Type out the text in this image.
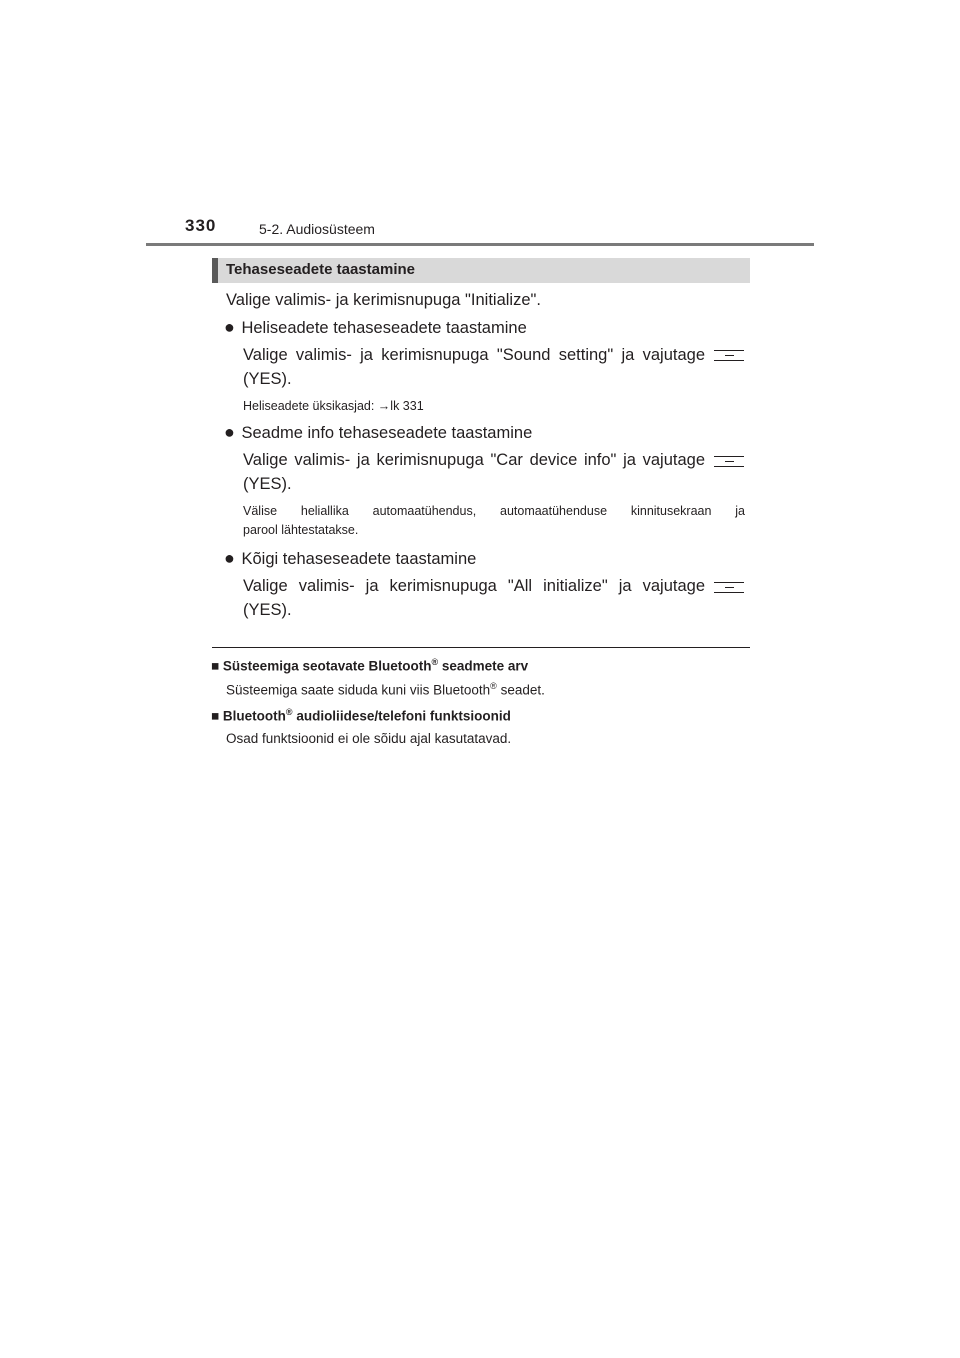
330	5-2. Audiosüsteem
Tehaseseadete taastamine
Valige valimis- ja kerimisnupuga "Initialize".
● Heliseadete tehaseseadete taastamine
Valige valimis- ja kerimisnupuga "Sound setting" ja vajutage
(YES).
Heliseadete üksikasjad: →lk 331
● Seadme info tehaseseadete taastamine
Valige valimis- ja kerimisnupuga "Car device info" ja vajutage
(YES).
Välise heliallika automaatühendus, automaatühenduse kinnitusekraan ja
parool lähtestatakse.
● Kõigi tehaseseadete taastamine
Valige valimis- ja kerimisnupuga "All initialize" ja vajutage
(YES).
■ Süsteemiga seotavate Bluetooth® seadmete arv
Süsteemiga saate siduda kuni viis Bluetooth® seadet.
■ Bluetooth® audioliidese/telefoni funktsioonid
Osad funktsioonid ei ole sõidu ajal kasutatavad.
